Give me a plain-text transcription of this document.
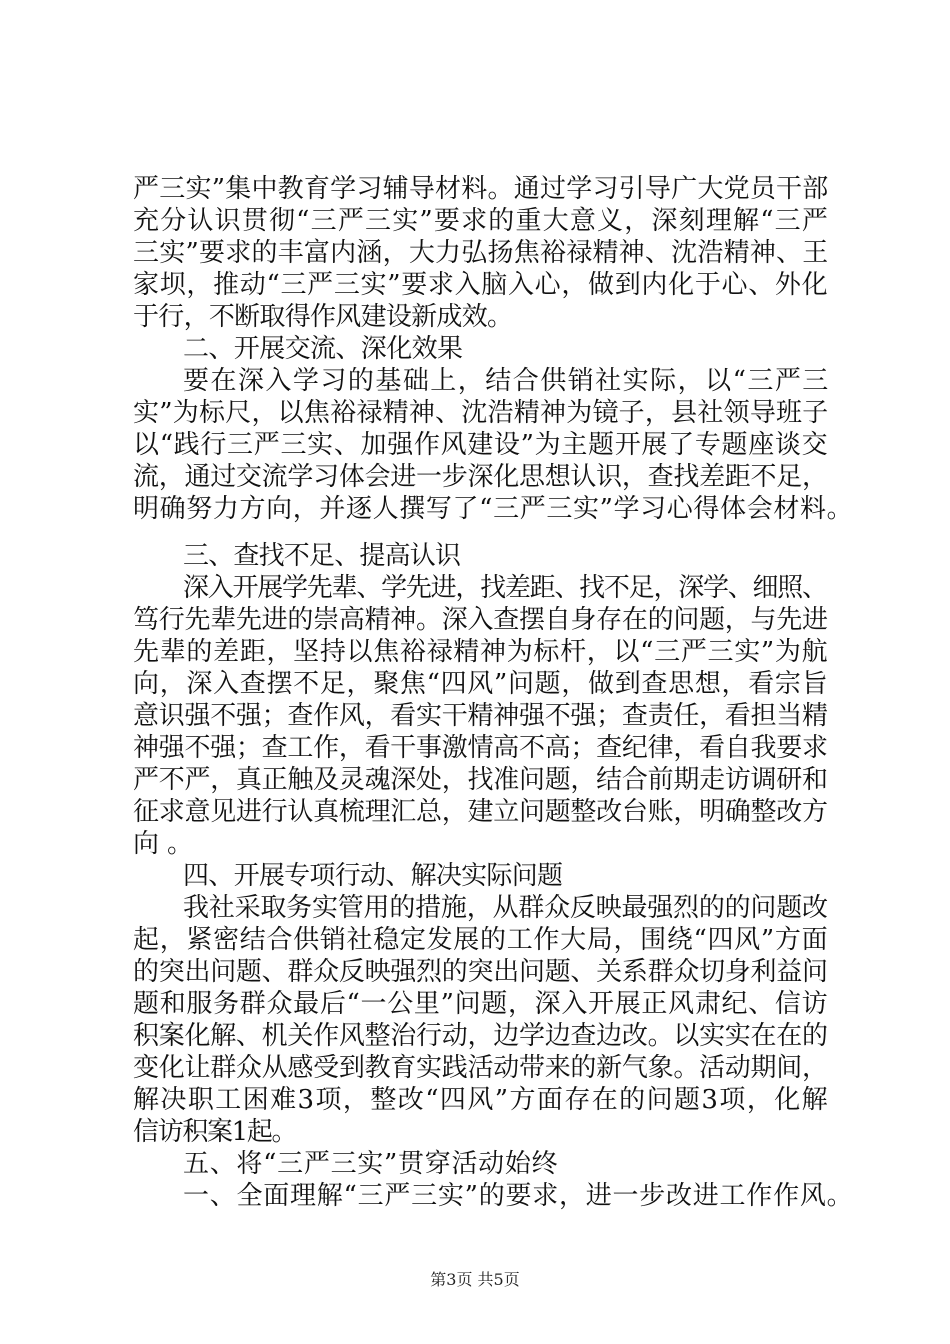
严三实”集中教育学习辅导材料。通过学习引导广大党员干部
充分认识贯彻“三严三实”要求的重大意义，深刻理解“三严
三实”要求的丰富内涵，大力弘扬焦裕禄精神、沈浩精神、王
家坝，推动“三严三实”要求入脑入心，做到内化于心、外化
于行，不断取得作风建设新成效。
二、开展交流、深化效果
要在深入学习的基础上，结合供销社实际，以“三严三
实”为标尺，以焦裕禄精神、沈浩精神为镜子，县社领导班子
以“践行三严三实、加强作风建设”为主题开展了专题座谈交
流，通过交流学习体会进一步深化思想认识，查找差距不足，
明确努力方向，并逐人撰写了“三严三实”学习心得体会材料。
三、查找不足、提高认识
深入开展学先辈、学先进，找差距、找不足，深学、细照、
笃行先辈先进的崇高精神。深入查摆自身存在的问题，与先进
先辈的差距，坚持以焦裕禄精神为标杆，以“三严三实”为航
向，深入查摆不足，聚焦“四风”问题，做到查思想，看宗旨
意识强不强；查作风，看实干精神强不强；查责任，看担当精
神强不强；查工作，看干事激情高不高；查纪律，看自我要求
严不严，真正触及灵魂深处，找准问题，结合前期走访调研和
征求意见进行认真梳理汇总，建立问题整改台账，明确整改方
向。
四、开展专项行动、解决实际问题
我社采取务实管用的措施，从群众反映最强烈的的问题改
起，紧密结合供销社稳定发展的工作大局，围绕“四风”方面
的突出问题、群众反映强烈的突出问题、关系群众切身利益问
题和服务群众最后“一公里”问题，深入开展正风肃纪、信访
积案化解、机关作风整治行动，边学边查边改。以实实在在的
变化让群众从感受到教育实践活动带来的新气象。活动期间，
解决职工困难3项，整改“四风”方面存在的问题3项，化解
信访积案1起。
五、将“三严三实”贯穿活动始终
一、全面理解“三严三实”的要求，进一步改进工作作风。
第3页 共5页
